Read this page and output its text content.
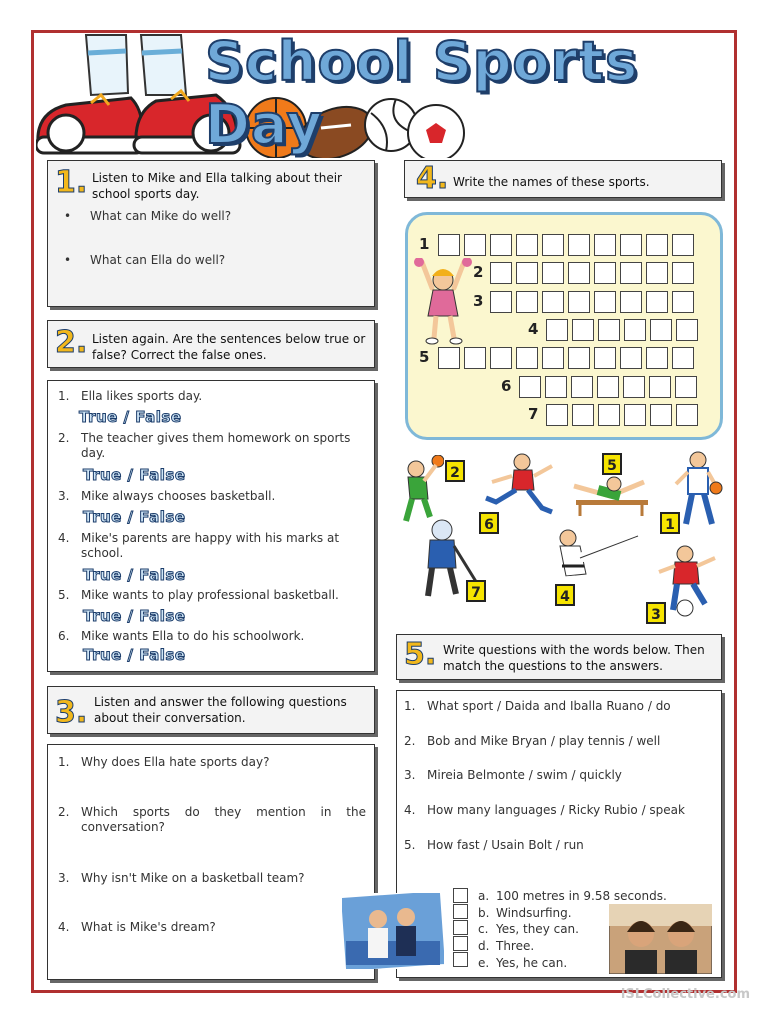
School Sports Day
1. Listen to Mike and Ella talking about their school sports day.
• What can Mike do well?
• What can Ella do well?
2. Listen again. Are the sentences below true or false? Correct the false ones.
1. Ella likes sports day.
True / False
2. The teacher gives them homework on sports day.
True / False
3. Mike always chooses basketball.
True / False
4. Mike's parents are happy with his marks at school.
True / False
5. Mike wants to play professional basketball.
True / False
6. Mike wants Ella to do his schoolwork.
True / False
3. Listen and answer the following questions about their conversation.
1. Why does Ella hate sports day?
2. Which sports do they mention in the conversation?
3. Why isn't Mike on a basketball team?
4. What is Mike's dream?
4. Write the names of these sports.
1
2
3
4
5
6
7
2	5
6	1
7	4
3
5. Write questions with the words below. Then match the questions to the answers.
1. What sport / Daida and Iballa Ruano / do
2. Bob and Mike Bryan / play tennis / well
3. Mireia Belmonte / swim / quickly
4. How many languages / Ricky Rubio / speak
5. How fast / Usain Bolt / run
a. 100 metres in 9.58 seconds.
b. Windsurfing.
c. Yes, they can.
d. Three.
e. Yes, he can.
iSLCollective.com
